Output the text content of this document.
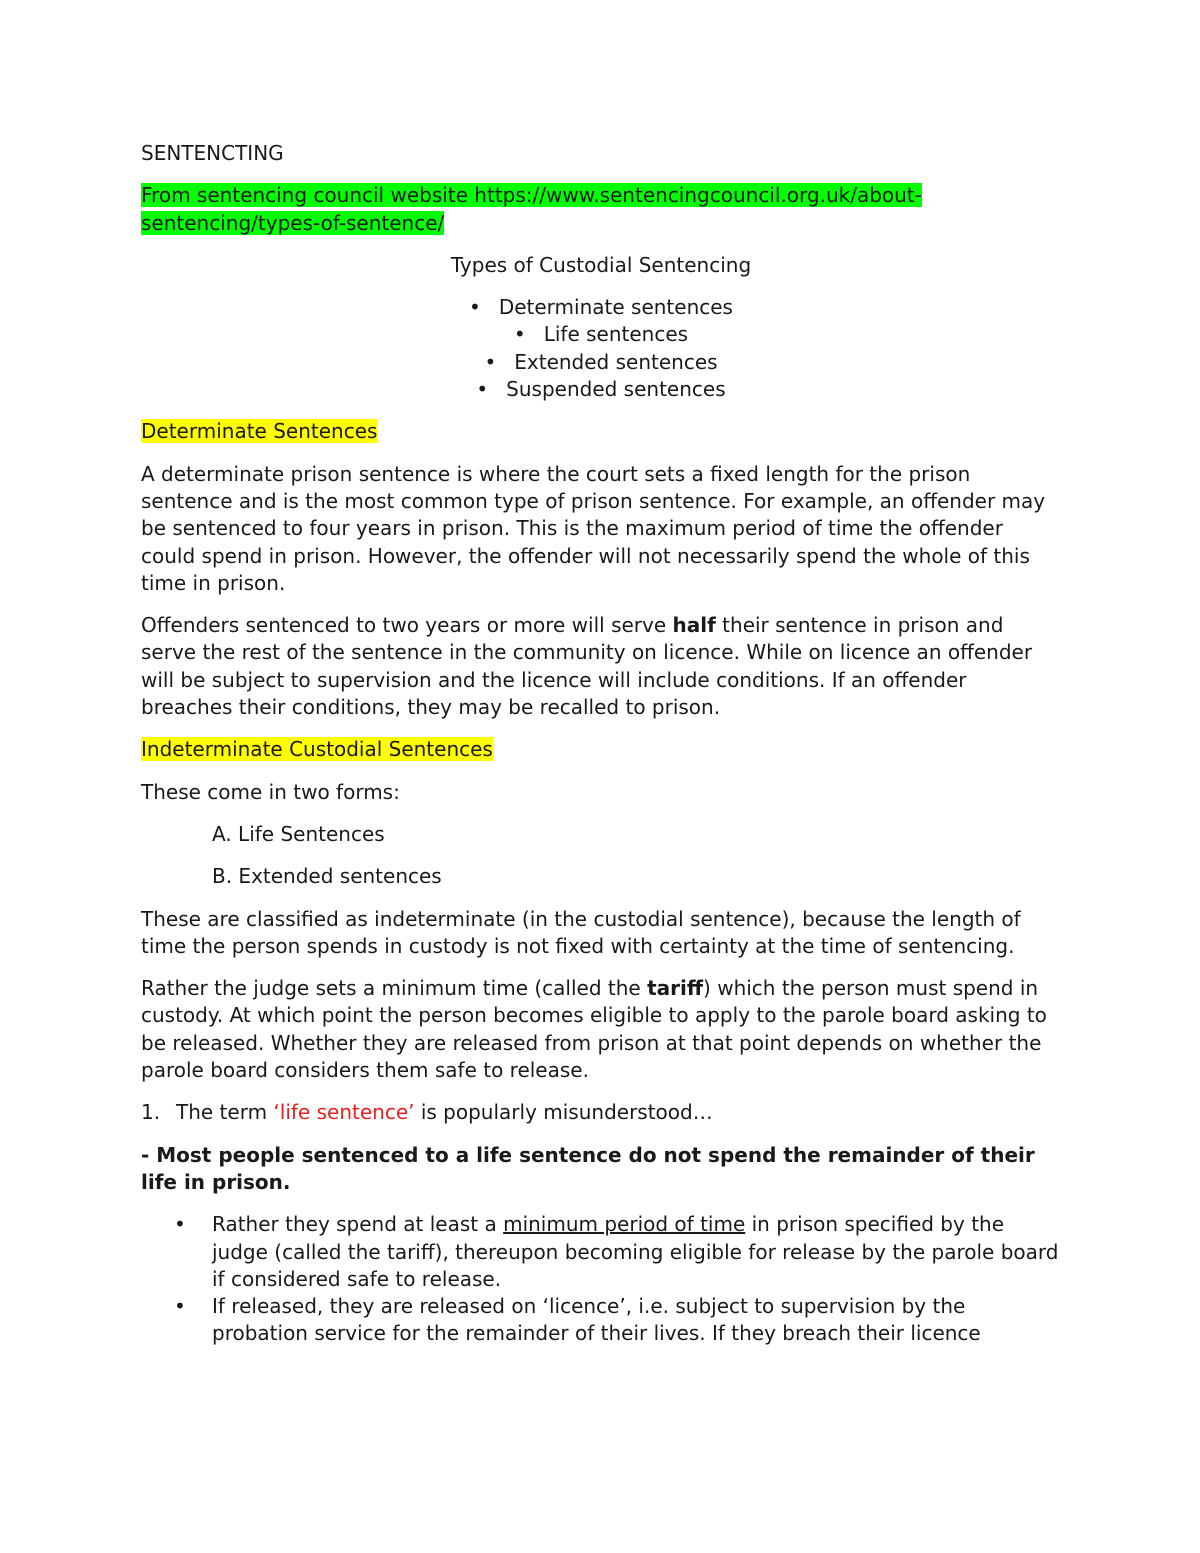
SENTENCTING

From sentencing council website https://www.sentencingcouncil.org.uk/about-sentencing/types-of-sentence/

Types of Custodial Sentencing

• Determinate sentences
• Life sentences
• Extended sentences
• Suspended sentences

Determinate Sentences

A determinate prison sentence is where the court sets a fixed length for the prison sentence and is the most common type of prison sentence. For example, an offender may be sentenced to four years in prison. This is the maximum period of time the offender could spend in prison. However, the offender will not necessarily spend the whole of this time in prison.

Offenders sentenced to two years or more will serve half their sentence in prison and serve the rest of the sentence in the community on licence. While on licence an offender will be subject to supervision and the licence will include conditions. If an offender breaches their conditions, they may be recalled to prison.

Indeterminate Custodial Sentences

These come in two forms:

A. Life Sentences

B. Extended sentences

These are classified as indeterminate (in the custodial sentence), because the length of time the person spends in custody is not fixed with certainty at the time of sentencing.

Rather the judge sets a minimum time (called the tariff) which the person must spend in custody. At which point the person becomes eligible to apply to the parole board asking to be released. Whether they are released from prison at that point depends on whether the parole board considers them safe to release.

1. The term ‘life sentence’ is popularly misunderstood…

- Most people sentenced to a life sentence do not spend the remainder of their life in prison.

• Rather they spend at least a minimum period of time in prison specified by the judge (called the tariff), thereupon becoming eligible for release by the parole board if considered safe to release.
• If released, they are released on ‘licence’, i.e. subject to supervision by the probation service for the remainder of their lives. If they breach their licence
